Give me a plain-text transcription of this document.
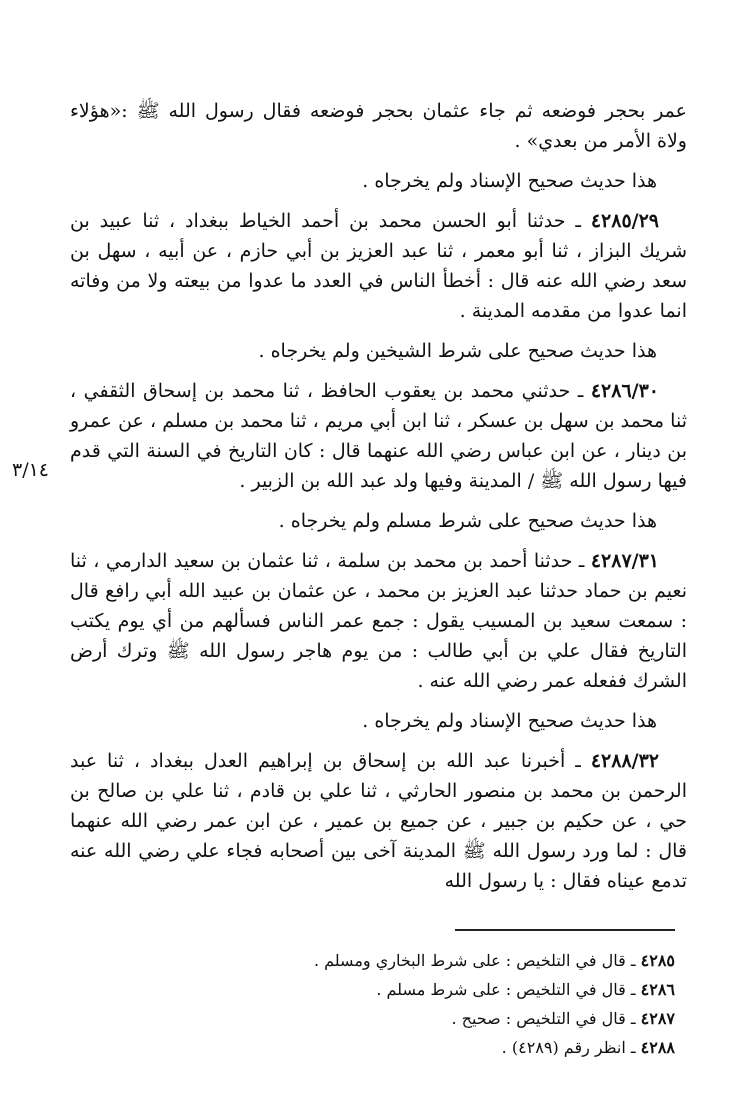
٣/١٤

عمر بحجر فوضعه ثم جاء عثمان بحجر فوضعه فقال رسول الله ﷺ :«هؤلاء ولاة الأمر من بعدي» .

هذا حديث صحيح الإسناد ولم يخرجاه .

٤٢٨٥/٢٩ ـ حدثنا أبو الحسن محمد بن أحمد الخياط ببغداد ، ثنا عبيد بن شريك البزاز ، ثنا أبو معمر ، ثنا عبد العزيز بن أبي حازم ، عن أبيه ، سهل بن سعد رضي الله عنه قال : أخطأ الناس في العدد ما عدوا من بيعته ولا من وفاته انما عدوا من مقدمه المدينة .

هذا حديث صحيح على شرط الشيخين ولم يخرجاه .

٤٢٨٦/٣٠ ـ حدثني محمد بن يعقوب الحافظ ، ثنا محمد بن إسحاق الثقفي ، ثنا محمد بن سهل بن عسكر ، ثنا ابن أبي مريم ، ثنا محمد بن مسلم ، عن عمرو بن دينار ، عن ابن عباس رضي الله عنهما قال : كان التاريخ في السنة التي قدم فيها رسول الله ﷺ / المدينة وفيها ولد عبد الله بن الزبير .

هذا حديث صحيح على شرط مسلم ولم يخرجاه .

٤٢٨٧/٣١ ـ حدثنا أحمد بن محمد بن سلمة ، ثنا عثمان بن سعيد الدارمي ، ثنا نعيم بن حماد حدثنا عبد العزيز بن محمد ، عن عثمان بن عبيد الله أبي رافع قال : سمعت سعيد بن المسيب يقول : جمع عمر الناس فسألهم من أي يوم يكتب التاريخ فقال علي بن أبي طالب : من يوم هاجر رسول الله ﷺ وترك أرض الشرك ففعله عمر رضي الله عنه .

هذا حديث صحيح الإسناد ولم يخرجاه .

٤٢٨٨/٣٢ ـ أخبرنا عبد الله بن إسحاق بن إبراهيم العدل ببغداد ، ثنا عبد الرحمن بن محمد بن منصور الحارثي ، ثنا علي بن قادم ، ثنا علي بن صالح بن حي ، عن حكيم بن جبير ، عن جميع بن عمير ، عن ابن عمر رضي الله عنهما قال : لما ورد رسول الله ﷺ المدينة آخى بين أصحابه فجاء علي رضي الله عنه تدمع عيناه فقال : يا رسول الله

٤٢٨٥ ـ قال في التلخيص : على شرط البخاري ومسلم .

٤٢٨٦ ـ قال في التلخيص : على شرط مسلم .

٤٢٨٧ ـ قال في التلخيص : صحيح .

٤٢٨٨ ـ انظر رقم (٤٢٨٩) .
